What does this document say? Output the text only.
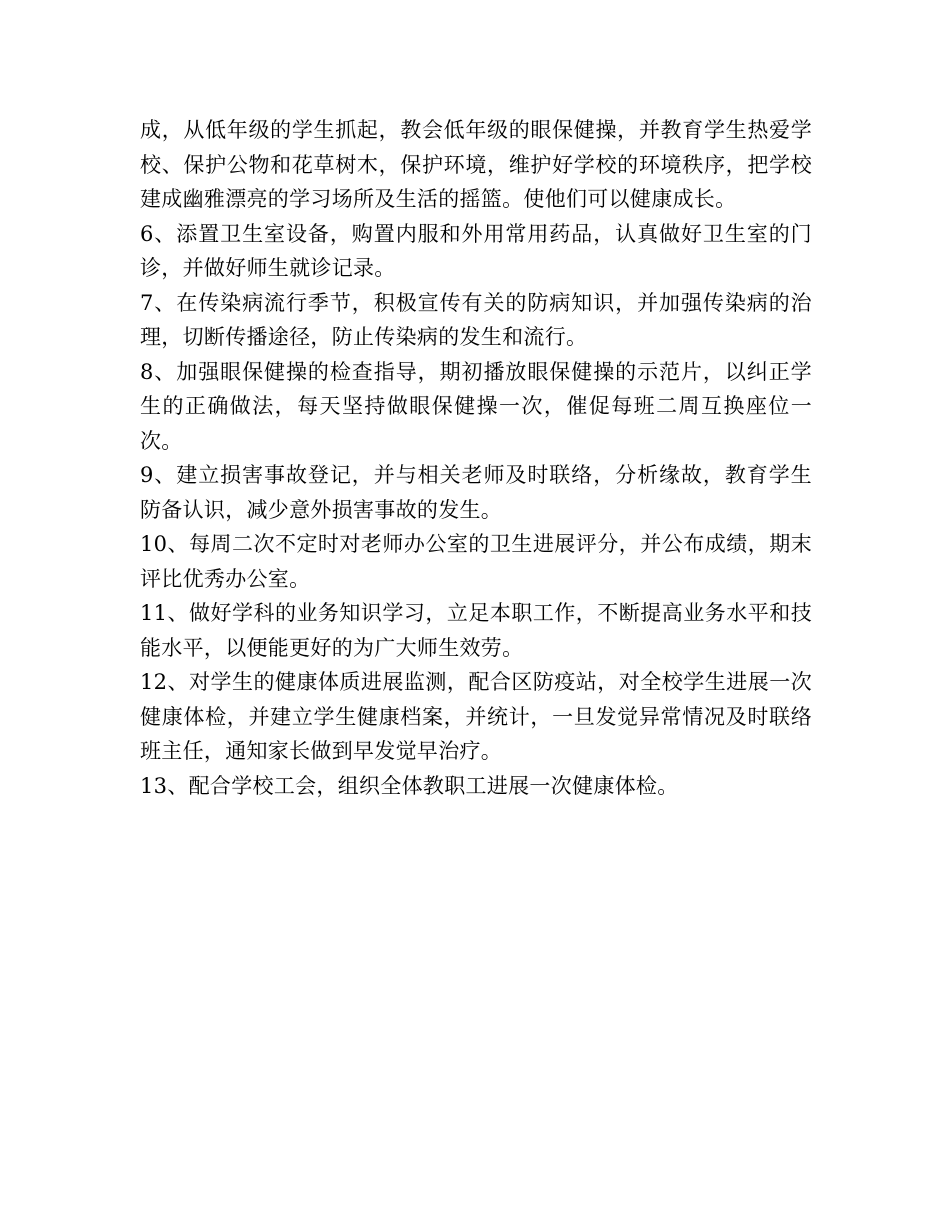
成，从低年级的学生抓起，教会低年级的眼保健操，并教育学生热爱学校、保护公物和花草树木，保护环境，维护好学校的环境秩序，把学校建成幽雅漂亮的学习场所及生活的摇篮。使他们可以健康成长。

6、添置卫生室设备，购置内服和外用常用药品，认真做好卫生室的门诊，并做好师生就诊记录。

7、在传染病流行季节，积极宣传有关的防病知识，并加强传染病的治理，切断传播途径，防止传染病的发生和流行。

8、加强眼保健操的检查指导，期初播放眼保健操的示范片，以纠正学生的正确做法，每天坚持做眼保健操一次，催促每班二周互换座位一次。

9、建立损害事故登记，并与相关老师及时联络，分析缘故，教育学生防备认识，减少意外损害事故的发生。

10、每周二次不定时对老师办公室的卫生进展评分，并公布成绩，期末评比优秀办公室。

11、做好学科的业务知识学习，立足本职工作，不断提高业务水平和技能水平，以便能更好的为广大师生效劳。

12、对学生的健康体质进展监测，配合区防疫站，对全校学生进展一次健康体检，并建立学生健康档案，并统计，一旦发觉异常情况及时联络班主任，通知家长做到早发觉早治疗。

13、配合学校工会，组织全体教职工进展一次健康体检。
